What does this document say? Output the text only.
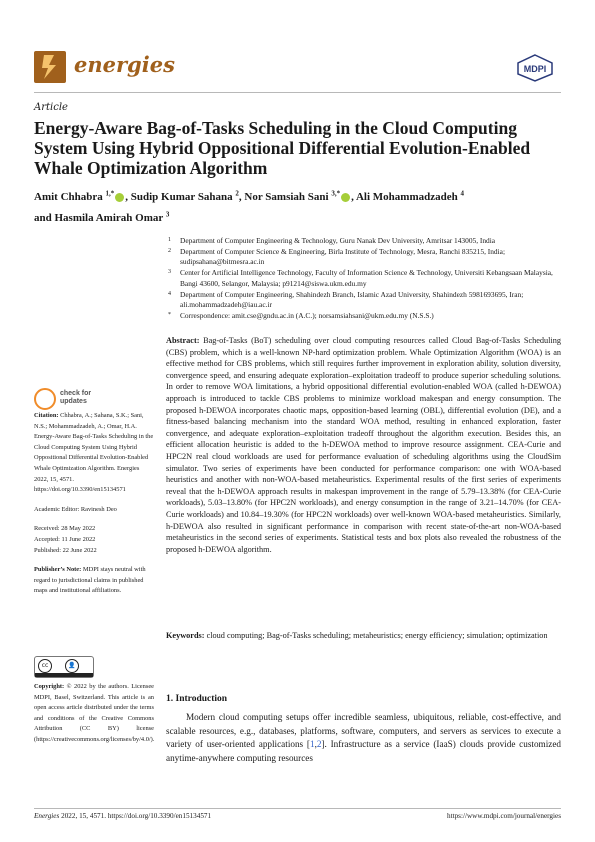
energies	MDPI
Article
Energy-Aware Bag-of-Tasks Scheduling in the Cloud Computing System Using Hybrid Oppositional Differential Evolution-Enabled Whale Optimization Algorithm
Amit Chhabra $^{1,*}$ , Sudip Kumar Sahana $^2$, Nor Samsiah Sani $^{3,*}$ , Ali Mohammadzadeh $^4$
and Hasmila Amirah Omar $^3$
1 Department of Computer Engineering & Technology, Guru Nanak Dev University, Amritsar 143005, India
2 Department of Computer Science & Engineering, Birla Institute of Technology, Mesra, Ranchi 835215, India; sudipsahana@bitmesra.ac.in
3 Center for Artificial Intelligence Technology, Faculty of Information Science & Technology, Universiti Kebangsaan Malaysia, Bangi 43600, Selangor, Malaysia; p91214@siswa.ukm.edu.my
4 Department of Computer Engineering, Shahindezh Branch, Islamic Azad University, Shahindezh 5981693695, Iran; ali.mohammadzadeh@iau.ac.ir
* Correspondence: amit.cse@gndu.ac.in (A.C.); norsamsiahsani@ukm.edu.my (N.S.S.)
Abstract: Bag-of-Tasks (BoT) scheduling over cloud computing resources called Cloud Bag-of-Tasks Scheduling (CBS) problem, which is a well-known NP-hard optimization problem. Whale Optimization Algorithm (WOA) is an effective method for CBS problems, which still requires further improvement in exploration ability, solution diversity, convergence speed, and ensuring adequate exploration–exploitation tradeoff to produce superior scheduling solutions. In order to remove WOA limitations, a hybrid oppositional differential evolution-enabled WOA (called h-DEWOA) approach is introduced to tackle CBS problems to minimize workload makespan and energy consumption. The proposed h-DEWOA incorporates chaotic maps, opposition-based learning (OBL), differential evolution (DE), and a fitness-based balancing mechanism into the standard WOA method, resulting in enhanced exploration, faster convergence, and adequate exploration–exploitation tradeoff throughout the algorithm execution. Besides this, an efficient allocation heuristic is added to the h-DEWOA method to improve resource assignment. CEA-Curie and HPC2N real cloud workloads are used for performance evaluation of scheduling algorithms using the CloudSim simulator. Two series of experiments have been conducted for performance comparison: one with WOA-based heuristics and another with non-WOA-based metaheuristics. Experimental results of the first series of experiments reveal that the h-DEWOA approach results in makespan improvement in the range of 5.79–13.38% (for CEA-Curie workloads), 5.03–13.80% (for HPC2N workloads), and energy consumption in the range of 3.21–14.70% (for CEA-Curie workloads) and 10.84–19.30% (for HPC2N workloads) over well-known WOA-based metaheuristics. Similarly, h-DEWOA also resulted in significant performance in comparison with recent state-of-the-art non-WOA-based metaheuristics in the second series of experiments. Statistical tests and box plots also revealed the robustness of the proposed h-DEWOA algorithm.
Keywords: cloud computing; Bag-of-Tasks scheduling; metaheuristics; energy efficiency; simulation; optimization
check for
updates
Citation: Chhabra, A.; Sahana, S.K.; Sani, N.S.; Mohammadzadeh, A.; Omar, H.A. Energy-Aware Bag-of-Tasks Scheduling in the Cloud Computing System Using Hybrid Oppositional Differential Evolution-Enabled Whale Optimization Algorithm. Energies 2022, 15, 4571. https://doi.org/10.3390/en15134571
Academic Editor: Ravinesh Deo
Received: 28 May 2022
Accepted: 11 June 2022
Published: 22 June 2022
Publisher’s Note: MDPI stays neutral with regard to jurisdictional claims in published maps and institutional affiliations.
cc	👤
Copyright: © 2022 by the authors. Licensee MDPI, Basel, Switzerland. This article is an open access article distributed under the terms and conditions of the Creative Commons Attribution (CC BY) license (https://creativecommons.org/licenses/by/4.0/).
1. Introduction
Modern cloud computing setups offer incredible seamless, ubiquitous, reliable, cost-effective, and scalable resources, e.g., databases, platforms, software, computers, and servers as services to execute a variety of user-oriented applications [1,2]. Infrastructure as a service (IaaS) clouds provide customized anytime-anywhere computing resources
Energies 2022, 15, 4571. https://doi.org/10.3390/en15134571	https://www.mdpi.com/journal/energies
